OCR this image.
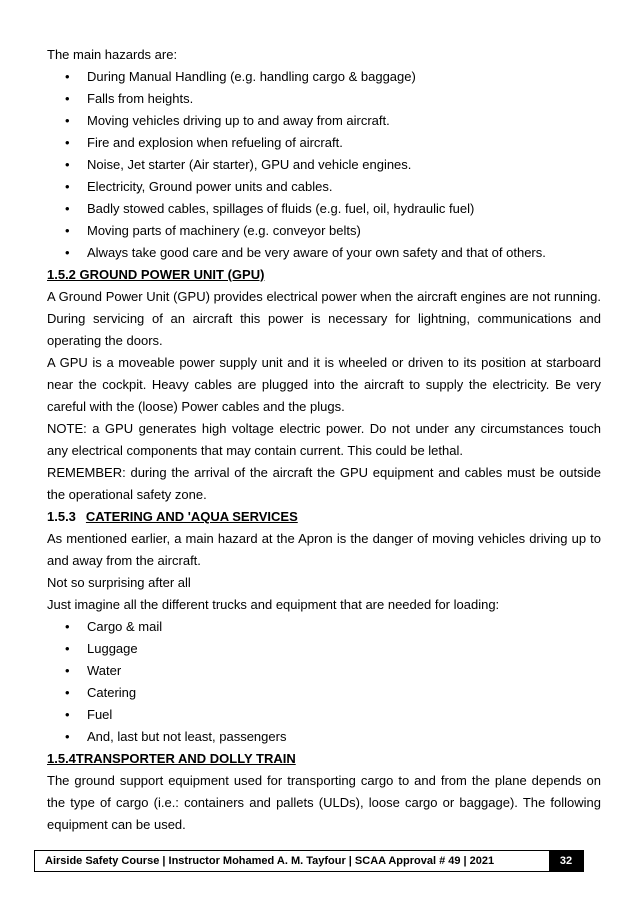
The main hazards are:
• During Manual Handling (e.g. handling cargo & baggage)
• Falls from heights.
• Moving vehicles driving up to and away from aircraft.
• Fire and explosion when refueling of aircraft.
• Noise, Jet starter (Air starter), GPU and vehicle engines.
• Electricity, Ground power units and cables.
• Badly stowed cables, spillages of fluids (e.g. fuel, oil, hydraulic fuel)
• Moving parts of machinery (e.g. conveyor belts)
• Always take good care and be very aware of your own safety and that of others.
1.5.2 GROUND POWER UNIT (GPU)

A Ground Power Unit (GPU) provides electrical power when the aircraft engines are not running. During servicing of an aircraft this power is necessary for lightning, communications and operating the doors.

A GPU is a moveable power supply unit and it is wheeled or driven to its position at starboard near the cockpit. Heavy cables are plugged into the aircraft to supply the electricity. Be very careful with the (loose) Power cables and the plugs.

NOTE: a GPU generates high voltage electric power. Do not under any circumstances touch any electrical components that may contain current. This could be lethal.

REMEMBER: during the arrival of the aircraft the GPU equipment and cables must be outside the operational safety zone.

1.5.3 CATERING AND 'AQUA SERVICES

As mentioned earlier, a main hazard at the Apron is the danger of moving vehicles driving up to and away from the aircraft.

Not so surprising after all
Just imagine all the different trucks and equipment that are needed for loading:
• Cargo & mail
• Luggage
• Water
• Catering
• Fuel
• And, last but not least, passengers
1.5.4TRANSPORTER AND DOLLY TRAIN

The ground support equipment used for transporting cargo to and from the plane depends on the type of cargo (i.e.: containers and pallets (ULDs), loose cargo or baggage). The following equipment can be used.

Airside Safety Course | Instructor Mohamed A. M. Tayfour | SCAA Approval # 49 | 2021	32
